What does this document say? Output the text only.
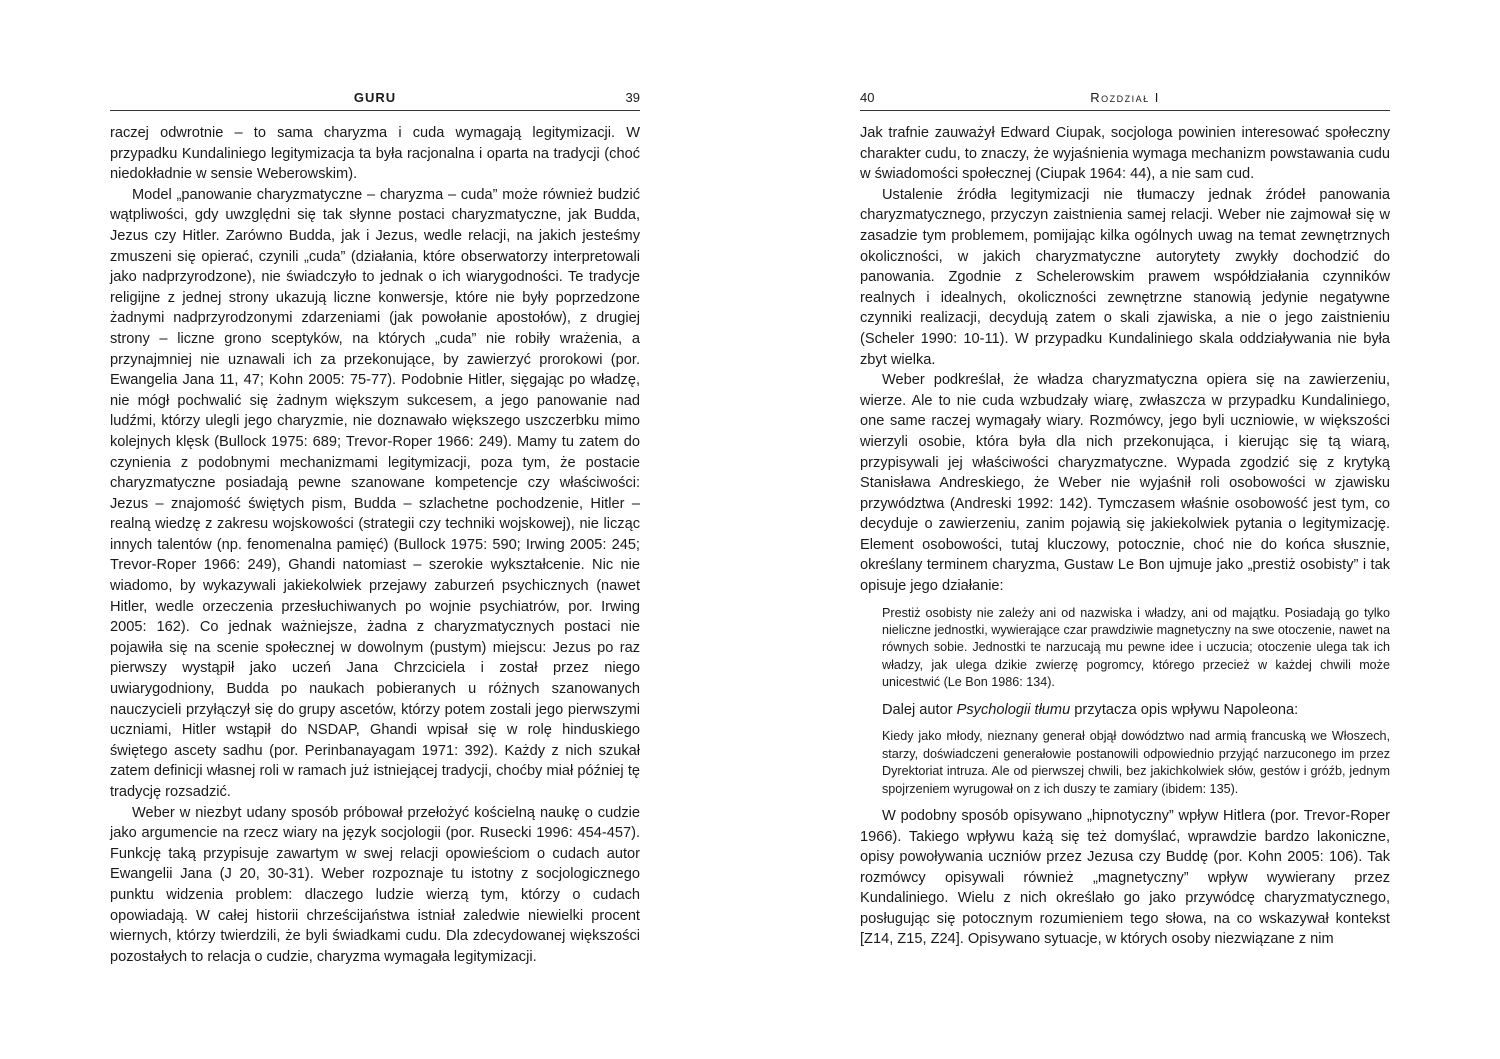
GURU	39

raczej odwrotnie – to sama charyzma i cuda wymagają legitymizacji. W przypadku Kundaliniego legitymizacja ta była racjonalna i oparta na tradycji (choć niedokładnie w sensie Weberowskim).

Model „panowanie charyzmatyczne – charyzma – cuda” może również budzić wątpliwości, gdy uwzględni się tak słynne postaci charyzmatyczne, jak Budda, Jezus czy Hitler. Zarówno Budda, jak i Jezus, wedle relacji, na jakich jesteśmy zmuszeni się opierać, czynili „cuda” (działania, które obserwatorzy interpretowali jako nadprzyrodzone), nie świadczyło to jednak o ich wiarygodności. Te tradycje religijne z jednej strony ukazują liczne konwersje, które nie były poprzedzone żadnymi nadprzyrodzonymi zdarzeniami (jak powołanie apostołów), z drugiej strony – liczne grono sceptyków, na których „cuda” nie robiły wrażenia, a przynajmniej nie uznawali ich za przekonujące, by zawierzyć prorokowi (por. Ewangelia Jana 11, 47; Kohn 2005: 75-77). Podobnie Hitler, sięgając po władzę, nie mógł pochwalić się żadnym większym sukcesem, a jego panowanie nad ludźmi, którzy ulegli jego charyzmie, nie doznawało większego uszczerbku mimo kolejnych klęsk (Bullock 1975: 689; Trevor-Roper 1966: 249). Mamy tu zatem do czynienia z podobnymi mechanizmami legitymizacji, poza tym, że postacie charyzmatyczne posiadają pewne szanowane kompetencje czy właściwości: Jezus – znajomość świętych pism, Budda – szlachetne pochodzenie, Hitler – realną wiedzę z zakresu wojskowości (strategii czy techniki wojskowej), nie licząc innych talentów (np. fenomenalna pamięć) (Bullock 1975: 590; Irwing 2005: 245; Trevor-Roper 1966: 249), Ghandi natomiast – szerokie wykształcenie. Nic nie wiadomo, by wykazywali jakiekolwiek przejawy zaburzeń psychicznych (nawet Hitler, wedle orzeczenia przesłuchiwanych po wojnie psychiatrów, por. Irwing 2005: 162). Co jednak ważniejsze, żadna z charyzmatycznych postaci nie pojawiła się na scenie społecznej w dowolnym (pustym) miejscu: Jezus po raz pierwszy wystąpił jako uczeń Jana Chrzciciela i został przez niego uwiarygodniony, Budda po naukach pobieranych u różnych szanowanych nauczycieli przyłączył się do grupy ascetów, którzy potem zostali jego pierwszymi uczniami, Hitler wstąpił do NSDAP, Ghandi wpisał się w rolę hinduskiego świętego ascety sadhu (por. Perinbanayagam 1971: 392). Każdy z nich szukał zatem definicji własnej roli w ramach już istniejącej tradycji, choćby miał później tę tradycję rozsadzić.

Weber w niezbyt udany sposób próbował przełożyć kościelną naukę o cudzie jako argumencie na rzecz wiary na język socjologii (por. Rusecki 1996: 454-457). Funkcję taką przypisuje zawartym w swej relacji opowieściom o cudach autor Ewangelii Jana (J 20, 30-31). Weber rozpoznaje tu istotny z socjologicznego punktu widzenia problem: dlaczego ludzie wierzą tym, którzy o cudach opowiadają. W całej historii chrześcijaństwa istniał zaledwie niewielki procent wiernych, którzy twierdzili, że byli świadkami cudu. Dla zdecydowanej większości pozostałych to relacja o cudzie, charyzma wymagała legitymizacji.

40	Rozdział I

Jak trafnie zauważył Edward Ciupak, socjologa powinien interesować społeczny charakter cudu, to znaczy, że wyjaśnienia wymaga mechanizm powstawania cudu w świadomości społecznej (Ciupak 1964: 44), a nie sam cud.

Ustalenie źródła legitymizacji nie tłumaczy jednak źródeł panowania charyzmatycznego, przyczyn zaistnienia samej relacji. Weber nie zajmował się w zasadzie tym problemem, pomijając kilka ogólnych uwag na temat zewnętrznych okoliczności, w jakich charyzmatyczne autorytety zwykły dochodzić do panowania. Zgodnie z Schelerowskim prawem współdziałania czynników realnych i idealnych, okoliczności zewnętrzne stanowią jedynie negatywne czynniki realizacji, decydują zatem o skali zjawiska, a nie o jego zaistnieniu (Scheler 1990: 10-11). W przypadku Kundaliniego skala oddziaływania nie była zbyt wielka.

Weber podkreślał, że władza charyzmatyczna opiera się na zawierzeniu, wierze. Ale to nie cuda wzbudzały wiarę, zwłaszcza w przypadku Kundaliniego, one same raczej wymagały wiary. Rozmówcy, jego byli uczniowie, w większości wierzyli osobie, która była dla nich przekonująca, i kierując się tą wiarą, przypisywali jej właściwości charyzmatyczne. Wypada zgodzić się z krytyką Stanisława Andreskiego, że Weber nie wyjaśnił roli osobowości w zjawisku przywództwa (Andreski 1992: 142). Tymczasem właśnie osobowość jest tym, co decyduje o zawierzeniu, zanim pojawią się jakiekolwiek pytania o legitymizację. Element osobowości, tutaj kluczowy, potocznie, choć nie do końca słusznie, określany terminem charyzma, Gustaw Le Bon ujmuje jako „prestiż osobisty” i tak opisuje jego działanie:

Prestiż osobisty nie zależy ani od nazwiska i władzy, ani od majątku. Posiadają go tylko nieliczne jednostki, wywierające czar prawdziwie magnetyczny na swe otoczenie, nawet na równych sobie. Jednostki te narzucają mu pewne idee i uczucia; otoczenie ulega tak ich władzy, jak ulega dzikie zwierzę pogromcy, którego przecież w każdej chwili może unicestwić (Le Bon 1986: 134).

Dalej autor Psychologii tłumu przytacza opis wpływu Napoleona:

Kiedy jako młody, nieznany generał objął dowództwo nad armią francuską we Włoszech, starzy, doświadczeni generałowie postanowili odpowiednio przyjąć narzuconego im przez Dyrektoriat intruza. Ale od pierwszej chwili, bez jakichkolwiek słów, gestów i gróźb, jednym spojrzeniem wyrugował on z ich duszy te zamiary (ibidem: 135).

W podobny sposób opisywano „hipnotyczny” wpływ Hitlera (por. Trevor-Roper 1966). Takiego wpływu każą się też domyślać, wprawdzie bardzo lakoniczne, opisy powoływania uczniów przez Jezusa czy Buddę (por. Kohn 2005: 106). Tak rozmówcy opisywali również „magnetyczny” wpływ wywierany przez Kundaliniego. Wielu z nich określało go jako przywódcę charyzmatycznego, posługując się potocznym rozumieniem tego słowa, na co wskazywał kontekst [Z14, Z15, Z24]. Opisywano sytuacje, w których osoby niezwiązane z nim
